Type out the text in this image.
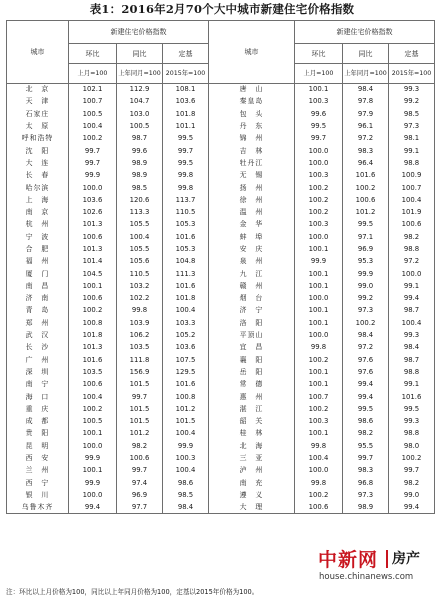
表1：2016年2月70个大中城市新建住宅价格指数
城市	新建住宅价格指数			城市	新建住宅价格指数		
	环比	同比	定基		环比	同比	定基
	上月=100	上年同月=100	2015年=100		上月=100	上年同月=100	2015年=100
北　京	102.1	112.9	108.1	唐　山	100.1	98.4	99.3
天　津	100.7	104.7	103.6	秦皇岛	100.3	97.8	99.2
石家庄	100.5	103.0	101.8	包　头	99.6	97.9	98.5
太　原	100.4	100.5	101.1	丹　东	99.5	96.1	97.3
呼和浩特	100.2	98.7	99.5	锦　州	99.7	97.2	98.1
沈　阳	99.7	99.6	99.7	吉　林	100.0	98.3	99.1
大　连	99.7	98.9	99.5	牡丹江	100.0	96.4	98.8
长　春	99.9	98.9	99.8	无　锡	100.3	101.6	100.9
哈尔滨	100.0	98.5	99.8	扬　州	100.2	100.2	100.7
上　海	103.6	120.6	113.7	徐　州	100.2	100.6	100.4
南　京	102.6	113.3	110.5	温　州	100.2	101.2	101.9
杭　州	101.3	105.5	105.3	金　华	100.3	99.5	100.6
宁　波	100.6	100.4	101.6	蚌　埠	100.0	97.1	98.2
合　肥	101.3	105.5	105.3	安　庆	100.1	96.9	98.8
福　州	101.4	105.6	104.8	泉　州	99.9	95.3	97.2
厦　门	104.5	110.5	111.3	九　江	100.1	99.9	100.0
南　昌	100.1	103.2	101.6	赣　州	100.1	99.0	99.1
济　南	100.6	102.2	101.8	烟　台	100.0	99.2	99.4
青　岛	100.2	99.8	100.4	济　宁	100.1	97.3	98.7
郑　州	100.8	103.9	103.3	洛　阳	100.1	100.2	100.4
武　汉	101.8	106.2	105.2	平顶山	100.0	98.4	99.3
长　沙	101.3	103.5	103.6	宜　昌	99.8	97.2	98.4
广　州	101.6	111.8	107.5	襄　阳	100.2	97.6	98.7
深　圳	103.5	156.9	129.5	岳　阳	100.1	97.6	98.8
南　宁	100.6	101.5	101.6	常　德	100.1	99.4	99.1
海　口	100.4	99.7	100.8	惠　州	100.7	99.4	101.6
重　庆	100.2	101.5	101.2	湛　江	100.2	99.5	99.5
成　都	100.5	101.5	101.5	韶　关	100.3	98.6	99.3
贵　阳	100.1	101.2	100.4	桂　林	100.1	98.2	98.8
昆　明	100.0	98.2	99.9	北　海	99.8	95.5	98.0
西　安	99.9	100.6	100.3	三　亚	100.4	99.7	100.2
兰　州	100.1	99.7	100.4	泸　州	100.0	98.3	99.7
西　宁	99.9	97.4	98.6	南　充	99.8	96.8	98.2
银　川	100.0	96.9	98.5	遵　义	100.2	97.3	99.0
乌鲁木齐	99.4	97.7	98.4	大　理	100.6	98.9	99.4
中新网 房产
house.chinanews.com
注：环比以上月价格为100，同比以上年同月价格为100，定基以2015年价格为100。
